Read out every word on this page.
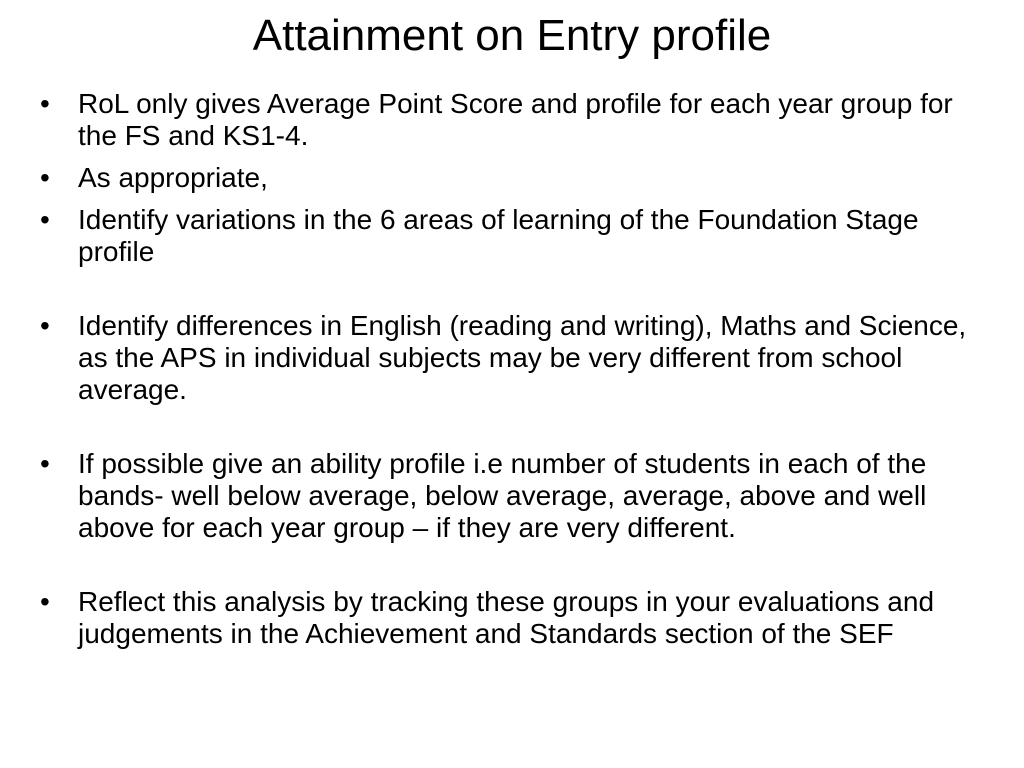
Attainment on Entry profile
• RoL only gives Average Point Score and profile for each year group for the FS and KS1-4.
• As appropriate,
• Identify variations in the 6 areas of learning of the Foundation Stage profile
• Identify differences in English (reading and writing), Maths and Science, as the APS in individual subjects may be very different from school average.
• If possible give an ability profile i.e number of students in each of the bands- well below average, below average, average, above and well above for each year group – if they are very different.
• Reflect this analysis by tracking these groups in your evaluations and judgements in the Achievement and Standards section of the SEF
